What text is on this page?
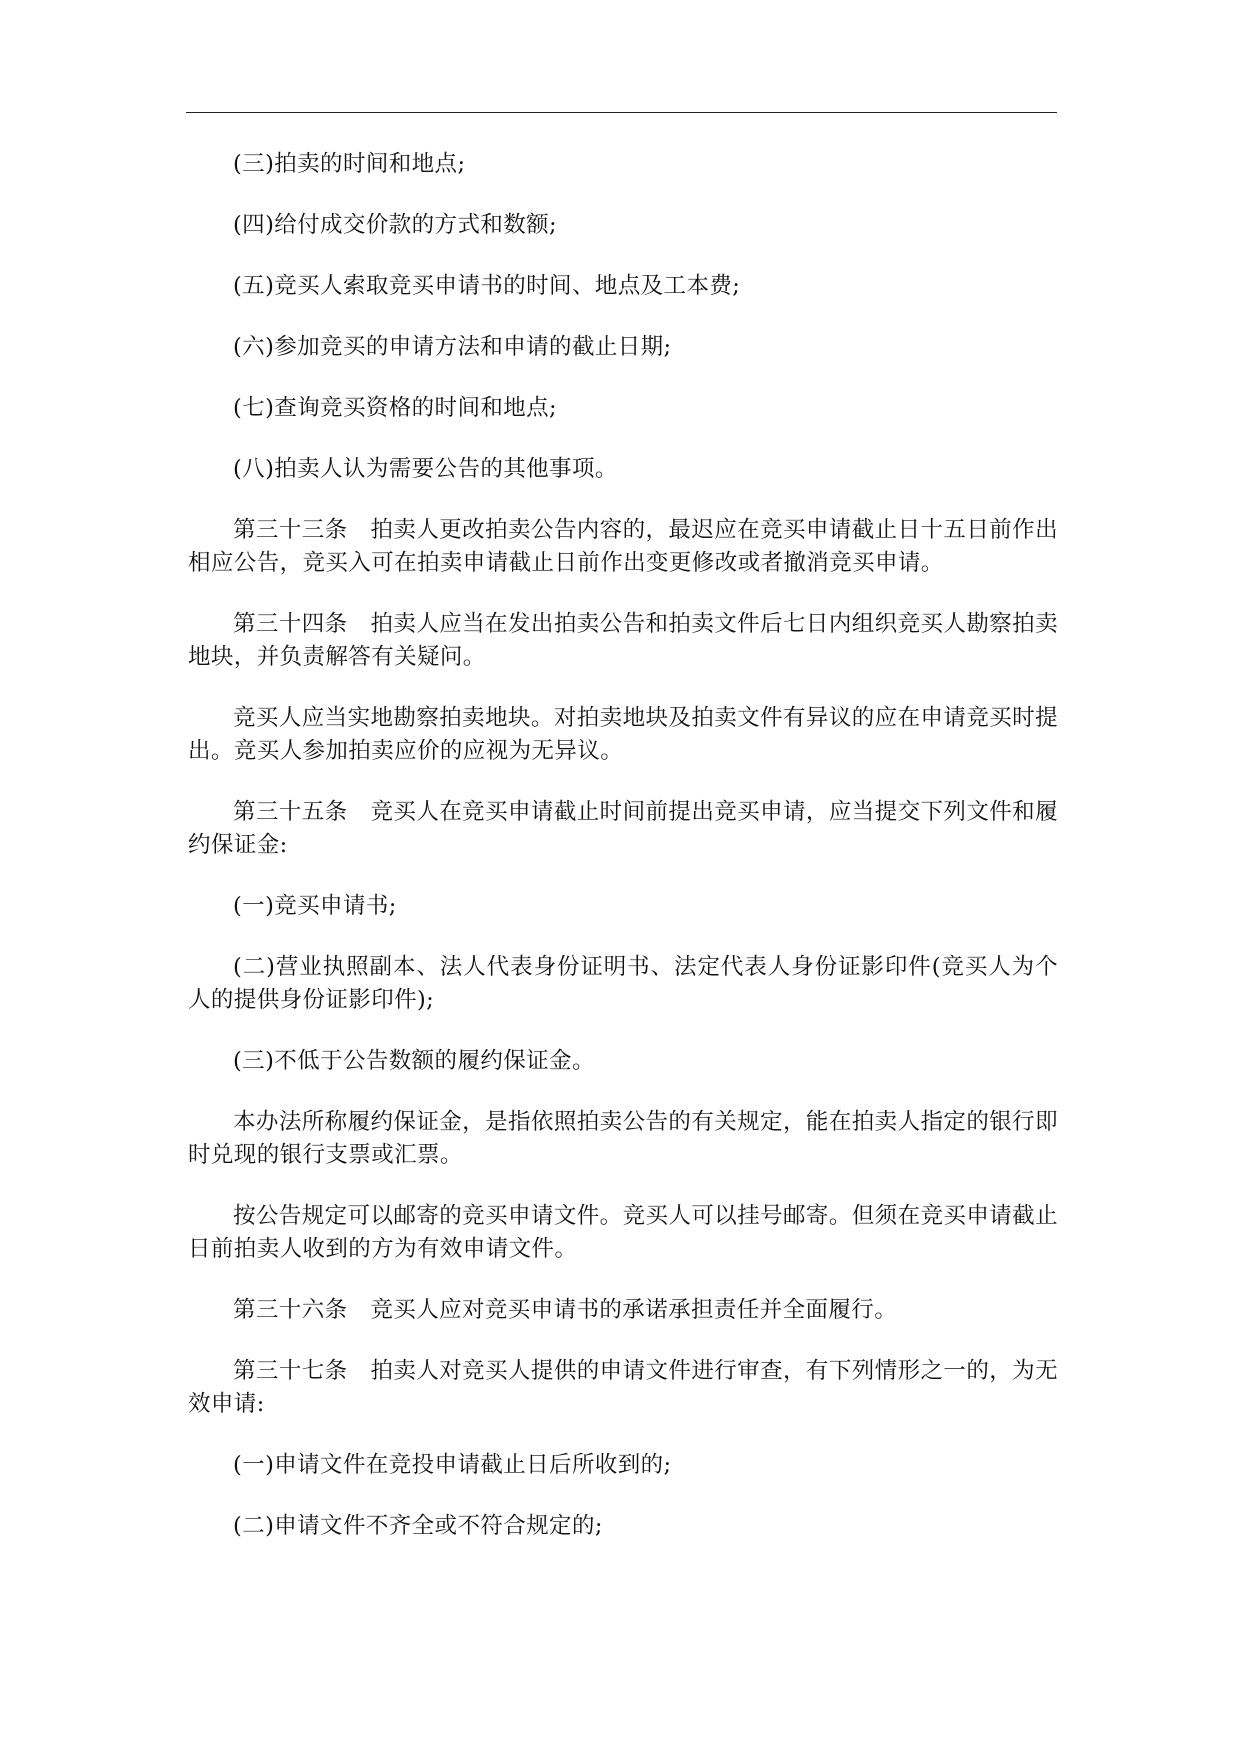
(三)拍卖的时间和地点;

(四)给付成交价款的方式和数额;

(五)竞买人索取竞买申请书的时间、地点及工本费;

(六)参加竞买的申请方法和申请的截止日期;

(七)查询竞买资格的时间和地点;

(八)拍卖人认为需要公告的其他事项。

第三十三条　拍卖人更改拍卖公告内容的，最迟应在竞买申请截止日十五日前作出相应公告，竞买入可在拍卖申请截止日前作出变更修改或者撤消竞买申请。

第三十四条　拍卖人应当在发出拍卖公告和拍卖文件后七日内组织竞买人勘察拍卖地块，并负责解答有关疑问。

竞买人应当实地勘察拍卖地块。对拍卖地块及拍卖文件有异议的应在申请竞买时提出。竞买人参加拍卖应价的应视为无异议。

第三十五条　竞买人在竞买申请截止时间前提出竞买申请，应当提交下列文件和履约保证金:

(一)竞买申请书;

(二)营业执照副本、法人代表身份证明书、法定代表人身份证影印件(竞买人为个人的提供身份证影印件);

(三)不低于公告数额的履约保证金。

本办法所称履约保证金，是指依照拍卖公告的有关规定，能在拍卖人指定的银行即时兑现的银行支票或汇票。

按公告规定可以邮寄的竞买申请文件。竞买人可以挂号邮寄。但须在竞买申请截止日前拍卖人收到的方为有效申请文件。

第三十六条　竞买人应对竞买申请书的承诺承担责任并全面履行。

第三十七条　拍卖人对竞买人提供的申请文件进行审查，有下列情形之一的，为无效申请:

(一)申请文件在竞投申请截止日后所收到的;

(二)申请文件不齐全或不符合规定的;
